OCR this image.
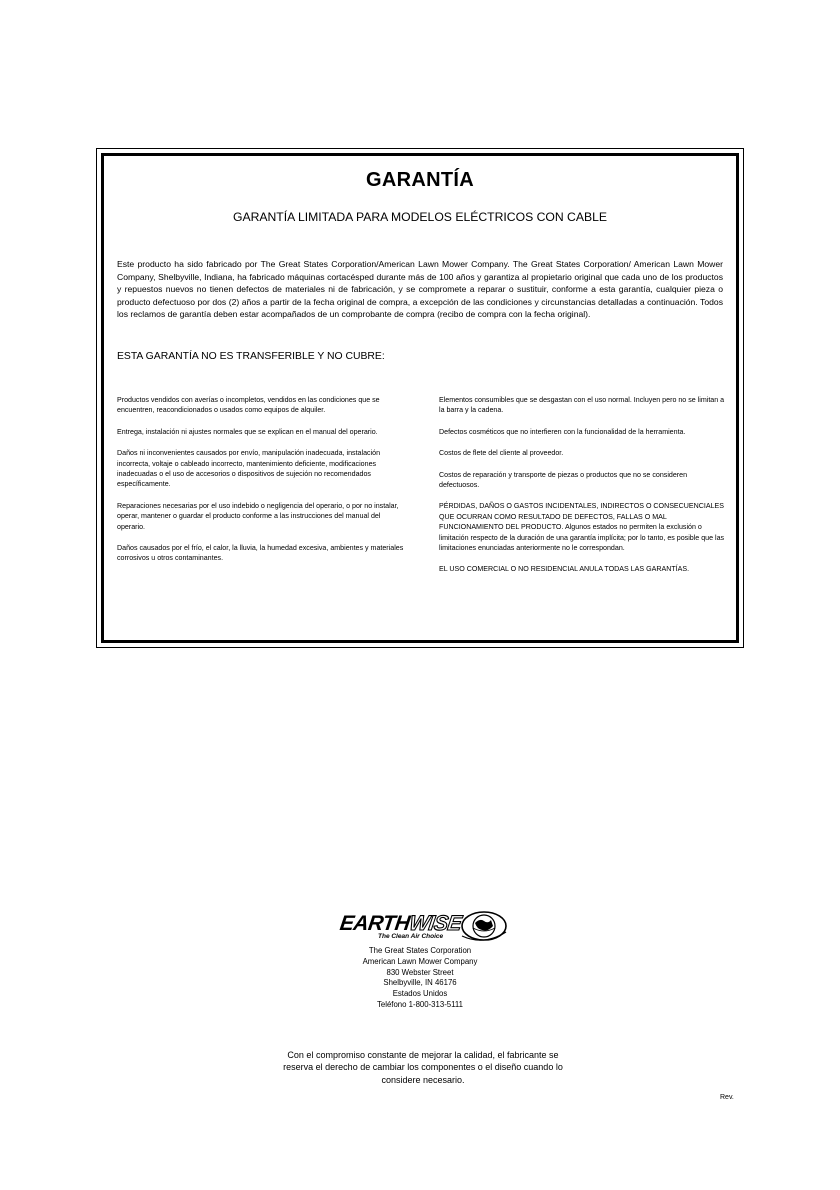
GARANTÍA
GARANTÍA LIMITADA PARA MODELOS ELÉCTRICOS CON CABLE

Este producto ha sido fabricado por The Great States Corporation/American Lawn Mower Company. The Great States Corporation/ American Lawn Mower Company, Shelbyville, Indiana, ha fabricado máquinas cortacésped durante más de 100 años y garantiza al propietario original que cada uno de los productos y repuestos nuevos no tienen defectos de materiales ni de fabricación, y se compromete a reparar o sustituir, conforme a esta garantía, cualquier pieza o producto defectuoso por dos (2) años a partir de la fecha original de compra, a excepción de las condiciones y circunstancias detalladas a continuación. Todos los reclamos de garantía deben estar acompañados de un comprobante de compra (recibo de compra con la fecha original).

ESTA GARANTÍA NO ES TRANSFERIBLE Y NO CUBRE:

Productos vendidos con averías o incompletos, vendidos en las condiciones que se encuentren, reacondicionados o usados como equipos de alquiler.

Entrega, instalación ni ajustes normales que se explican en el manual del operario.

Daños ni inconvenientes causados por envío, manipulación inadecuada, instalación incorrecta, voltaje o cableado incorrecto, mantenimiento deficiente, modificaciones inadecuadas o el uso de accesorios o dispositivos de sujeción no recomendados específicamente.

Reparaciones necesarias por el uso indebido o negligencia del operario, o por no instalar, operar, mantener o guardar el producto conforme a las instrucciones del manual del operario.

Daños causados por el frío, el calor, la lluvia, la humedad excesiva, ambientes y materiales corrosivos u otros contaminantes.

Elementos consumibles que se desgastan con el uso normal. Incluyen pero no se limitan a la barra y la cadena.

Defectos cosméticos que no interfieren con la funcionalidad de la herramienta.

Costos de flete del cliente al proveedor.

Costos de reparación y transporte de piezas o productos que no se consideren defectuosos.

PÉRDIDAS, DAÑOS O GASTOS INCIDENTALES, INDIRECTOS O CONSECUENCIALES QUE OCURRAN COMO RESULTADO DE DEFECTOS, FALLAS O MAL FUNCIONAMIENTO DEL PRODUCTO. Algunos estados no permiten la exclusión o limitación respecto de la duración de una garantía implícita; por lo tanto, es posible que las limitaciones enunciadas anteriormente no le correspondan.

EL USO COMERCIAL O NO RESIDENCIAL ANULA TODAS LAS GARANTÍAS.

EARTHWISE
The Clean Air Choice
The Great States Corporation
American Lawn Mower Company
830 Webster Street
Shelbyville, IN 46176
Estados Unidos
Teléfono 1-800-313-5111
Con el compromiso constante de mejorar la calidad, el fabricante se
reserva el derecho de cambiar los componentes o el diseño cuando lo
considere necesario.
Rev.
